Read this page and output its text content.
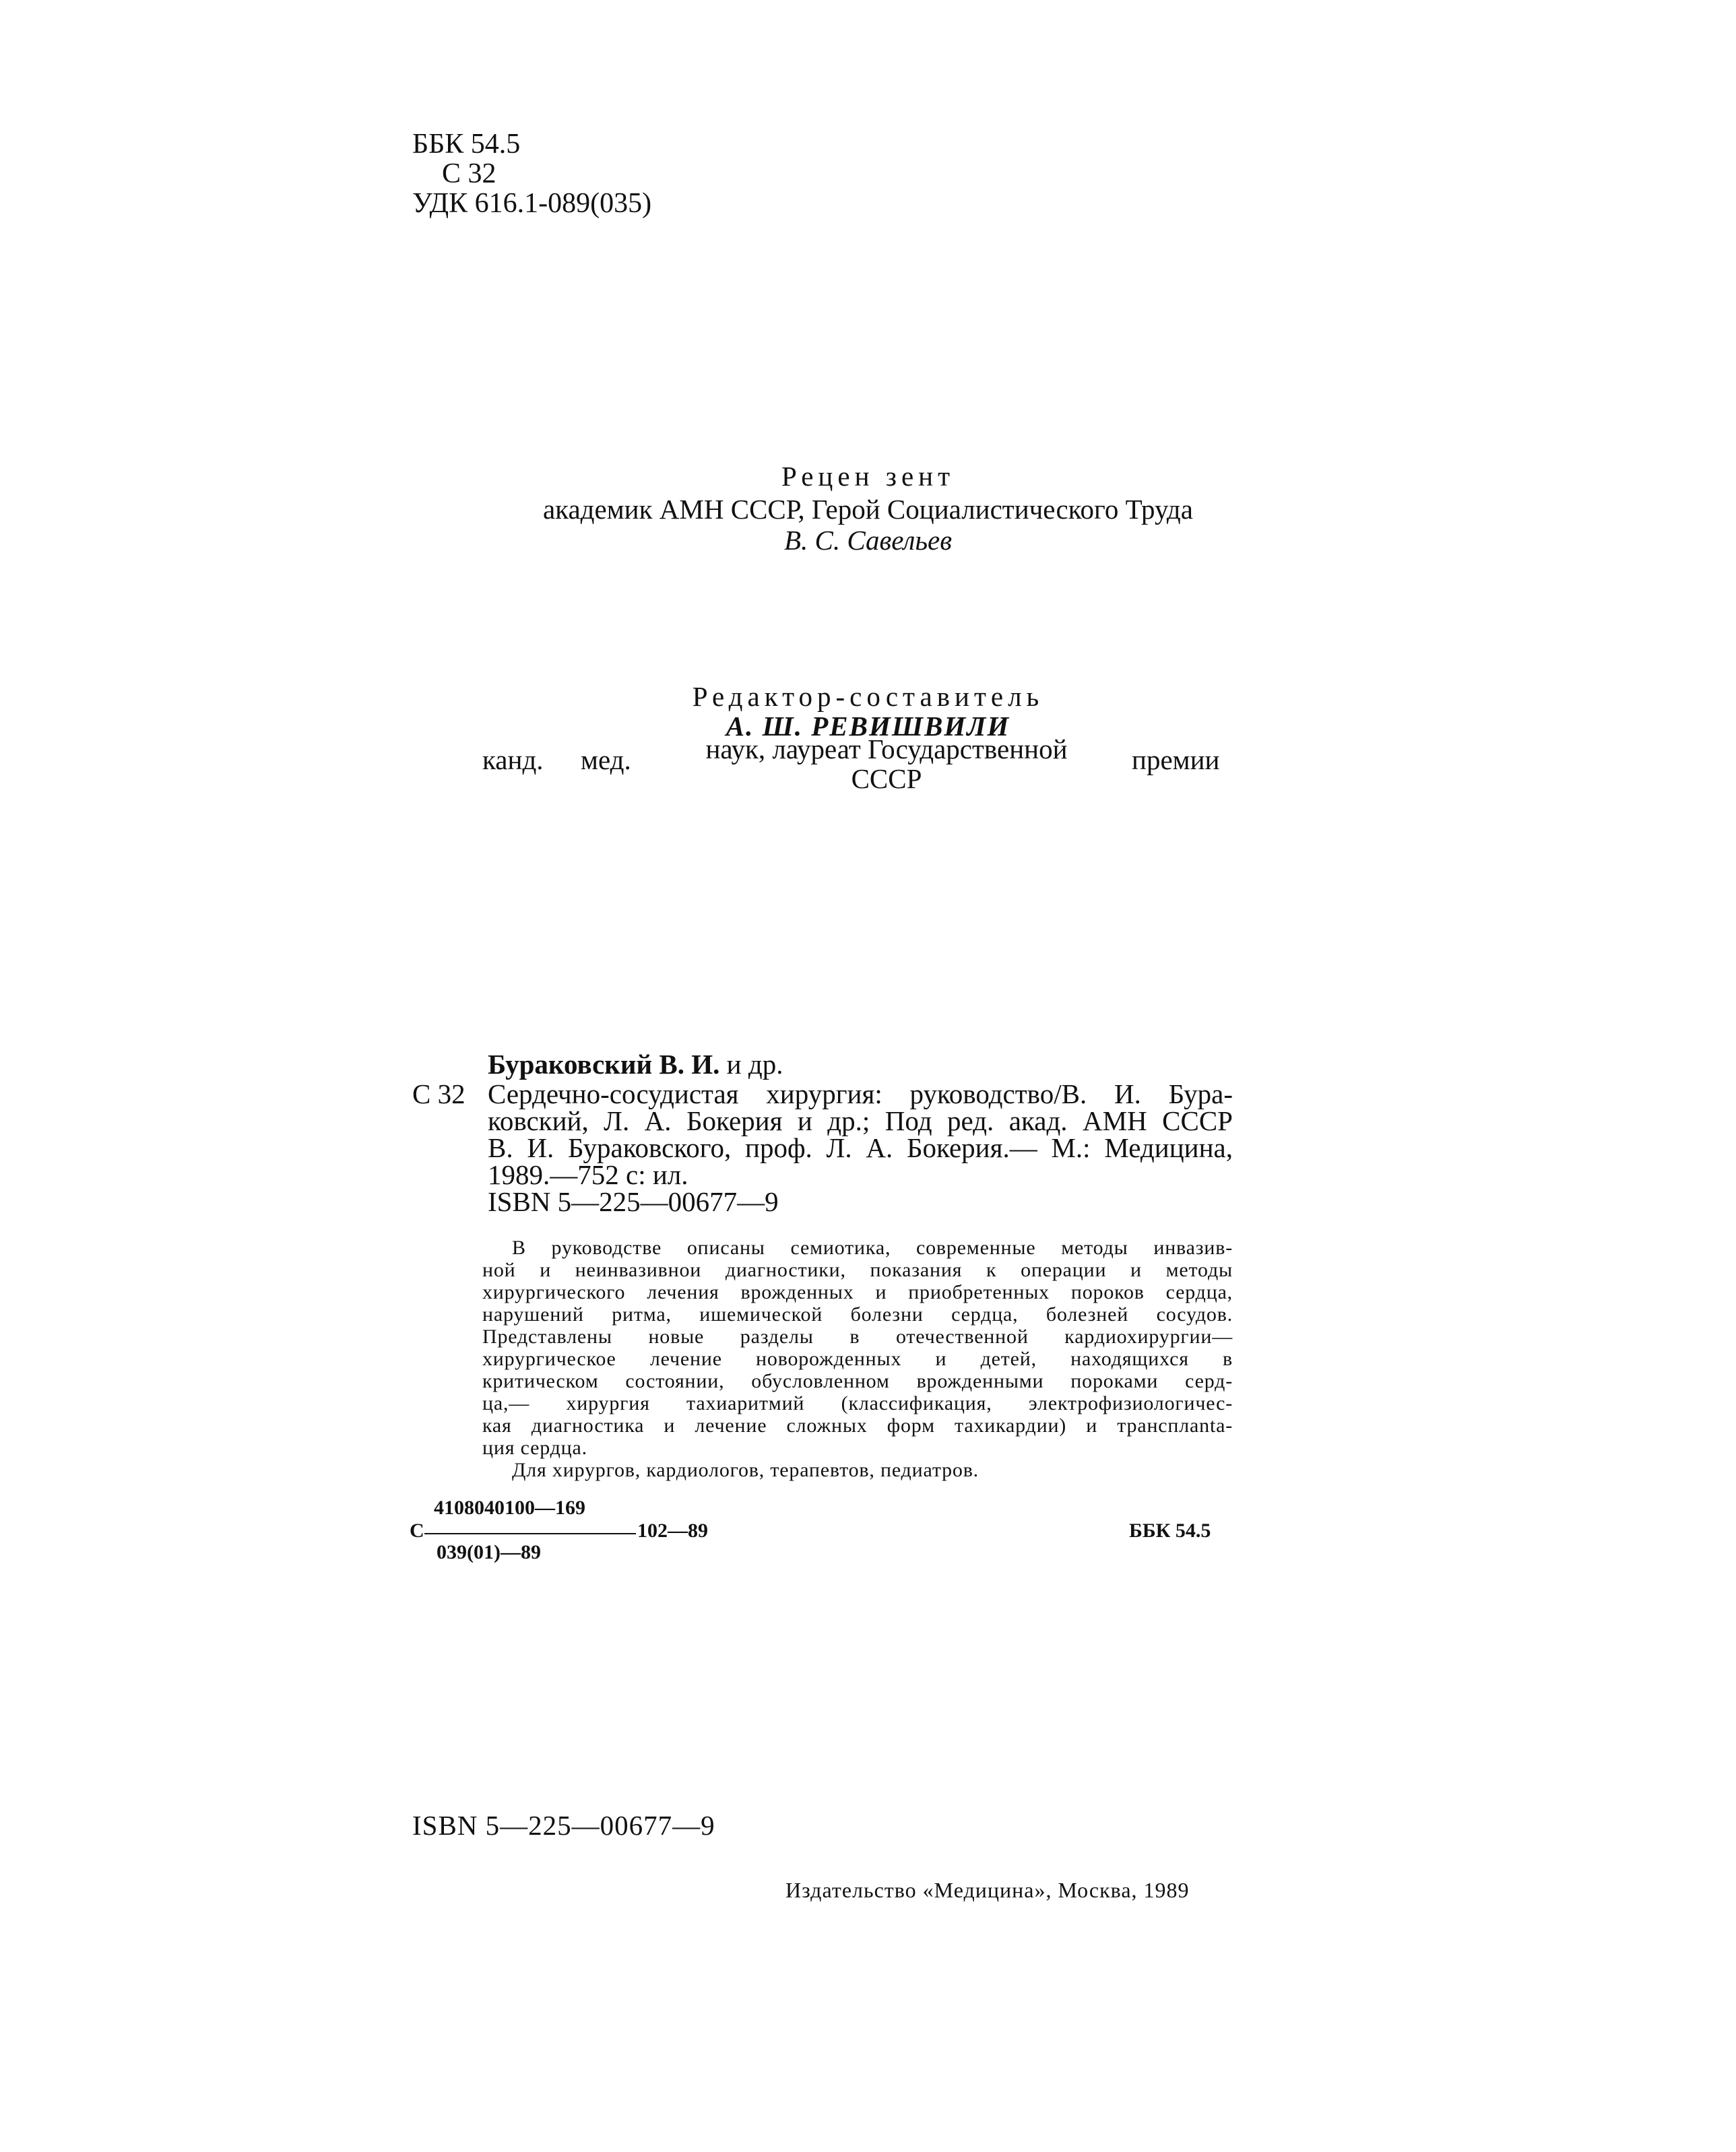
ББК 54.5
С 32
УДК 616.1-089(035)
Рецен зент
академик АМН СССР, Герой Социалистического Труда
В. С. Савельев
Редактор-составитель
А. Ш. РЕВИШВИЛИ
канд. мед.	наук, лауреат Государственной
СССР
премии
Бураковский В. И. и др.
С 32 Сердечно-сосудистая хирургия: руководство/В. И. Бура-
ковский, Л. А. Бокерия и др.; Под ред. акад. АМН СССР
В. И. Бураковского, проф. Л. А. Бокерия.— М.: Медицина,
1989.—752 с: ил.
ISBN 5—225—00677—9
В руководстве описаны семиотика, современные методы инвазив-
ной и неинвазивнои диагностики, показания к операции и методы
хирургического лечения врожденных и приобретенных пороков сердца,
нарушений ритма, ишемической болезни сердца, болезней сосудов.
Представлены новые разделы в отечественной кардиохирургии—
хирургическое лечение новорожденных и детей, находящихся в
критическом состоянии, обусловленном врожденными пороками серд-
ца,— хирургия тахиаритмий (классификация, электрофизиологичес-
кая диагностика и лечение сложных форм тахикардии) и трансплanta-
ция сердца.
Для хирургов, кардиологов, терапевтов, педиатров.
С
4108040100—169
039(01)—89
102—89	ББК 54.5
ISBN 5—225—00677—9
Издательство «Медицина», Москва, 1989
